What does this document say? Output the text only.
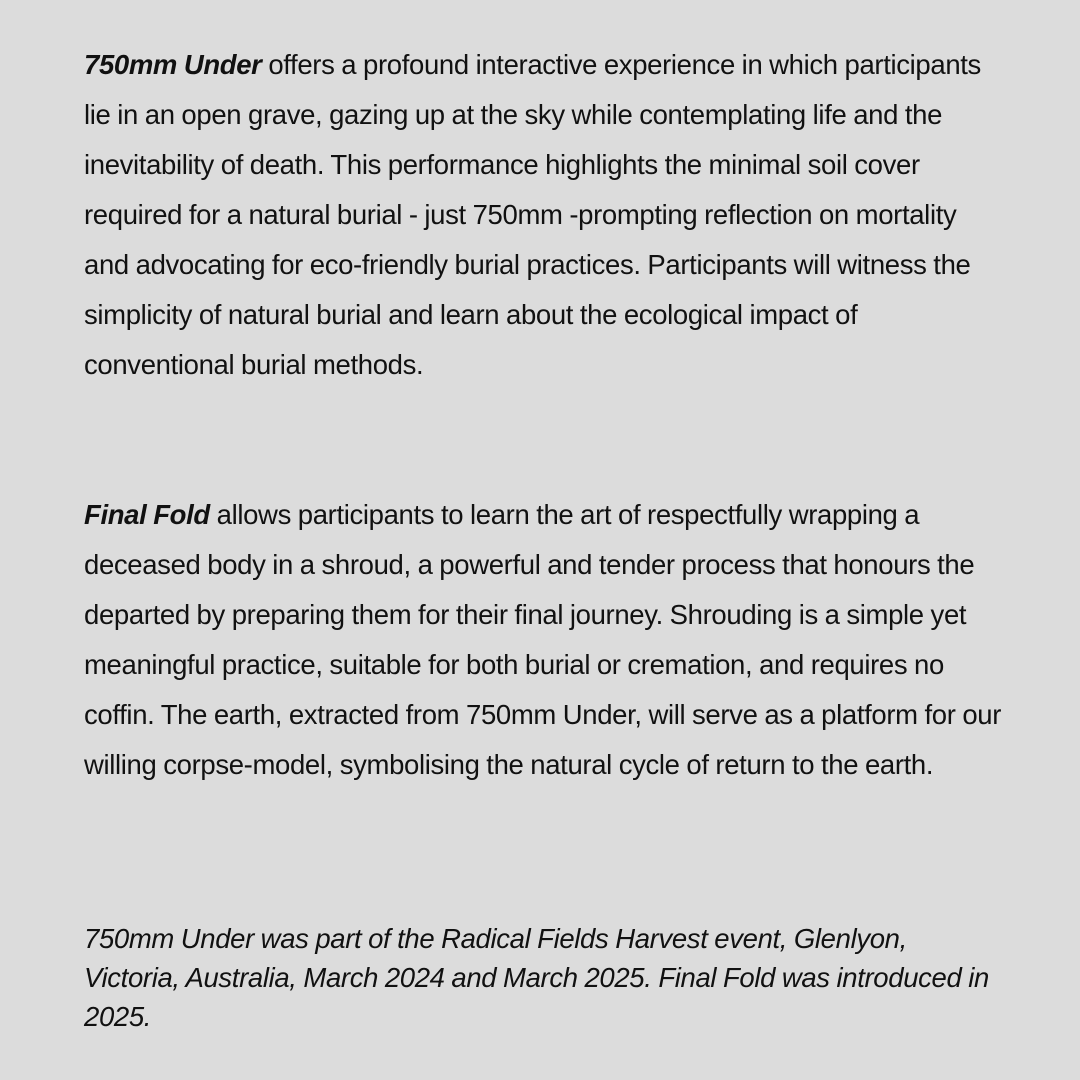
750mm Under offers a profound interactive experience in which participants lie in an open grave, gazing up at the sky while contemplating life and the inevitability of death. This performance highlights the minimal soil cover required for a natural burial - just 750mm -prompting reflection on mortality and advocating for eco-friendly burial practices. Participants will witness the simplicity of natural burial and learn about the ecological impact of conventional burial methods.

Final Fold allows participants to learn the art of respectfully wrapping a deceased body in a shroud, a powerful and tender process that honours the departed by preparing them for their final journey. Shrouding is a simple yet meaningful practice, suitable for both burial or cremation, and requires no coffin. The earth, extracted from 750mm Under, will serve as a platform for our willing corpse-model, symbolising the natural cycle of return to the earth.

750mm Under was part of the Radical Fields Harvest event, Glenlyon, Victoria, Australia, March 2024 and March 2025. Final Fold was introduced in 2025.
